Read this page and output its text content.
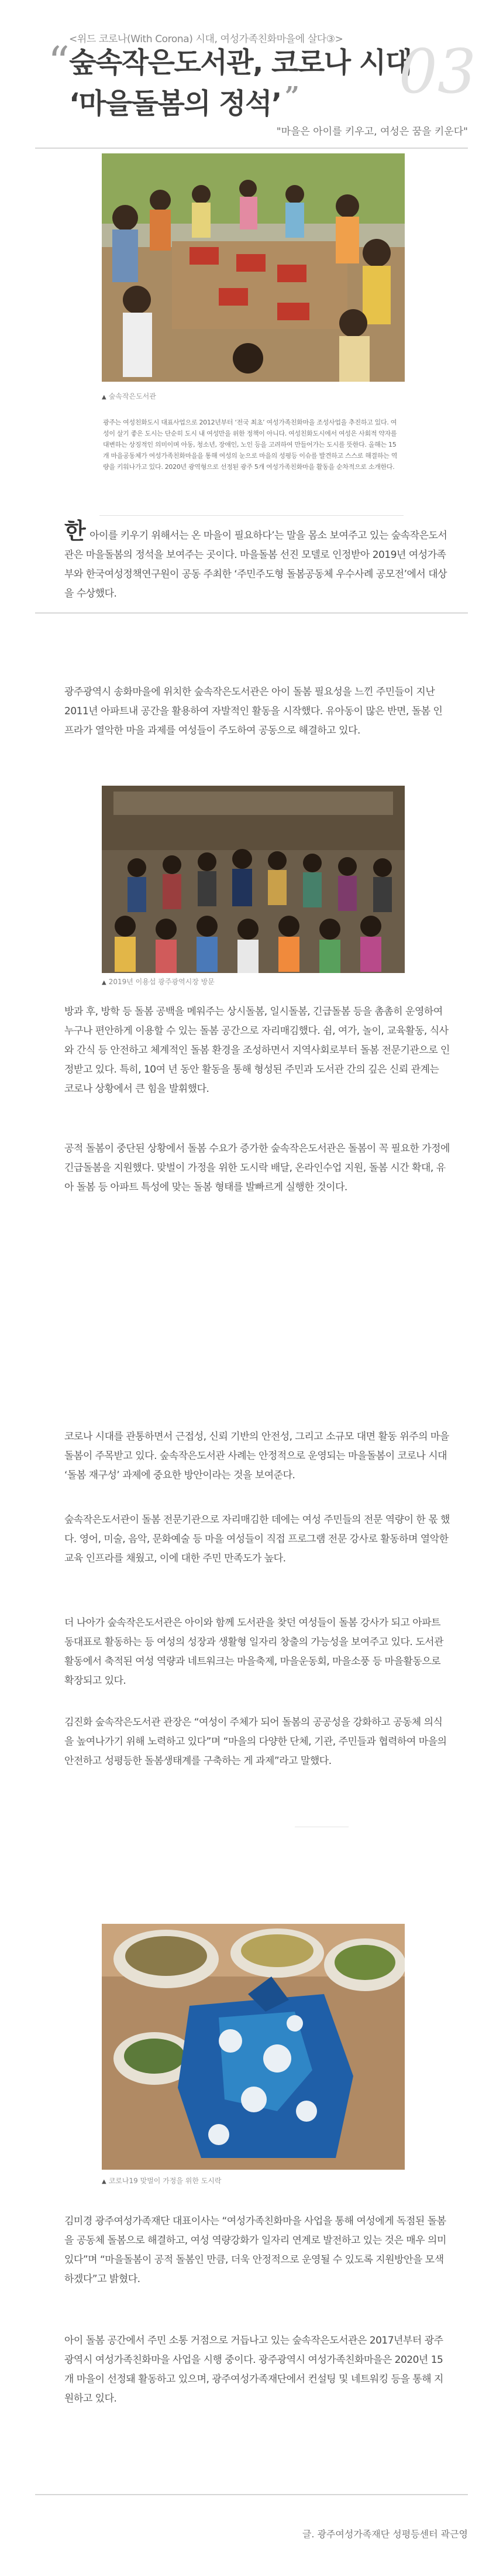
<위드 코로나(With Corona) 시대, 여성가족친화마을에 살다③>
“ 숲속작은도서관, 코로나 시대
‘마을돌봄의 정석’ ”	03
"마을은 아이를 키우고, 여성은 꿈을 키운다"
▲ 숲속작은도서관

광주는 여성친화도시 대표사업으로 2012년부터 ‘전국 최초’ 여성가족친화마을 조성사업을 추진하고 있다. 여성이 살기 좋은 도시는 단순히 도시 내 여성만을 위한 정책이 아니다. 여성친화도시에서 여성은 사회적 약자를 대변하는 상징적인 의미이며 아동, 청소년, 장애인, 노인 등을 고려하여 만들어가는 도시를 뜻한다. 올해는 15개 마을공동체가 여성가족친화마을을 통해 여성의 눈으로 마을의 성평등 이슈를 발견하고 스스로 해결하는 역량을 키워나가고 있다. 2020년 광역형으로 선정된 광주 5개 여성가족친화마을 활동을 순차적으로 소개한다.

한 아이를 키우기 위해서는 온 마을이 필요하다’는 말을 몸소 보여주고 있는 숲속작은도서관은 마을돌봄의 정석을 보여주는 곳이다. 마을돌봄 선진 모델로 인정받아 2019년 여성가족부와 한국여성정책연구원이 공동 주최한 ‘주민주도형 돌봄공동체 우수사례 공모전’에서 대상을 수상했다.

광주광역시 송화마을에 위치한 숲속작은도서관은 아이 돌봄 필요성을 느낀 주민들이 지난 2011년 아파트내 공간을 활용하여 자발적인 활동을 시작했다. 유아동이 많은 반면, 돌봄 인프라가 열악한 마을 과제를 여성들이 주도하여 공동으로 해결하고 있다.

▲ 2019년 이용섭 광주광역시장 방문

방과 후, 방학 등 돌봄 공백을 메워주는 상시돌봄, 일시돌봄, 긴급돌봄 등을 촘촘히 운영하여 누구나 편안하게 이용할 수 있는 돌봄 공간으로 자리매김했다. 쉼, 여가, 놀이, 교육활동, 식사와 간식 등 안전하고 체계적인 돌봄 환경을 조성하면서 지역사회로부터 돌봄 전문기관으로 인정받고 있다. 특히, 10여 년 동안 활동을 통해 형성된 주민과 도서관 간의 깊은 신뢰 관계는 코로나 상황에서 큰 힘을 발휘했다.

공적 돌봄이 중단된 상황에서 돌봄 수요가 증가한 숲속작은도서관은 돌봄이 꼭 필요한 가정에 긴급돌봄을 지원했다. 맞벌이 가정을 위한 도시락 배달, 온라인수업 지원, 돌봄 시간 확대, 유아 돌봄 등 아파트 특성에 맞는 돌봄 형태를 발빠르게 실행한 것이다.

코로나 시대를 관통하면서 근접성, 신뢰 기반의 안전성, 그리고 소규모 대면 활동 위주의 마을 돌봄이 주목받고 있다. 숲속작은도서관 사례는 안정적으로 운영되는 마을돌봄이 코로나 시대 ‘돌봄 재구성’ 과제에 중요한 방안이라는 것을 보여준다.

숲속작은도서관이 돌봄 전문기관으로 자리매김한 데에는 여성 주민들의 전문 역량이 한 몫 했다. 영어, 미술, 음악, 문화예술 등 마을 여성들이 직접 프로그램 전문 강사로 활동하며 열악한 교육 인프라를 채웠고, 이에 대한 주민 만족도가 높다.

더 나아가 숲속작은도서관은 아이와 함께 도서관을 찾던 여성들이 돌봄 강사가 되고 아파트 동대표로 활동하는 등 여성의 성장과 생활형 일자리 창출의 가능성을 보여주고 있다. 도서관 활동에서 축적된 여성 역량과 네트워크는 마을축제, 마을운동회, 마을소풍 등 마을활동으로 확장되고 있다.

김진화 숲속작은도서관 관장은 “여성이 주체가 되어 돌봄의 공공성을 강화하고 공동체 의식을 높여나가기 위해 노력하고 있다”며 “마을의 다양한 단체, 기관, 주민들과 협력하여 마을의 안전하고 성평등한 돌봄생태계를 구축하는 게 과제”라고 말했다.

▲ 코로나19 맞벌이 가정을 위한 도시락

김미경 광주여성가족재단 대표이사는 “여성가족친화마을 사업을 통해 여성에게 독점된 돌봄을 공동체 돌봄으로 해결하고, 여성 역량강화가 일자리 연계로 발전하고 있는 것은 매우 의미있다”며 “마을돌봄이 공적 돌봄인 만큼, 더욱 안정적으로 운영될 수 있도록 지원방안을 모색하겠다”고 밝혔다.

아이 돌봄 공간에서 주민 소통 거점으로 거듭나고 있는 숲속작은도서관은 2017년부터 광주광역시 여성가족친화마을 사업을 시행 중이다. 광주광역시 여성가족친화마을은 2020년 15개 마을이 선정돼 활동하고 있으며, 광주여성가족재단에서 컨설팅 및 네트워킹 등을 통해 지원하고 있다.

글. 광주여성가족재단 성평등센터 곽근영
